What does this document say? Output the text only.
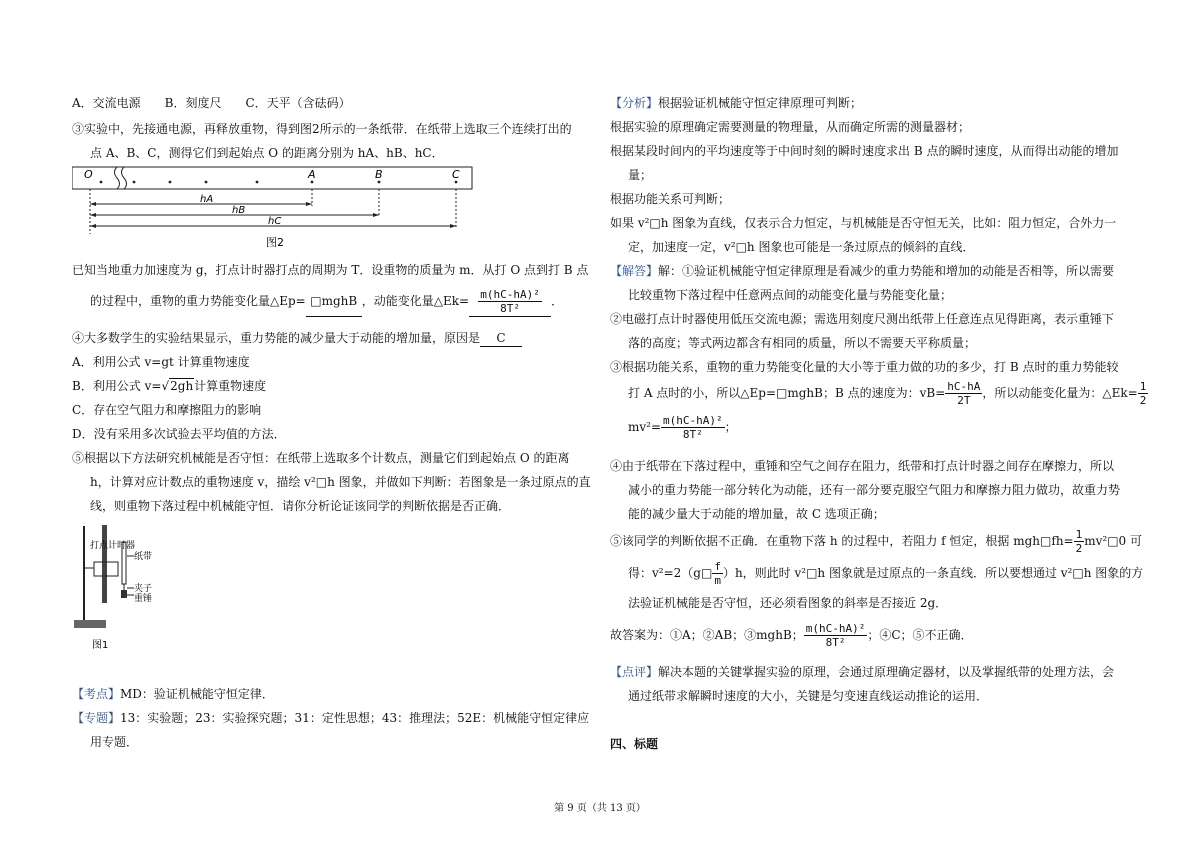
A．交流电源　　B．刻度尺　　C．天平（含砝码）
③实验中，先接通电源，再释放重物，得到图2所示的一条纸带．在纸带上选取三个连续打出的
点 A、B、C，测得它们到起始点 O 的距离分别为 hA、hB、hC．
O	A	B	C
hA
hB
hC
图2
已知当地重力加速度为 g，打点计时器打点的周期为 T．设重物的质量为 m．从打 O 点到打 B 点
的过程中，重物的重力势能变化量△Ep= □mghB ，动能变化量△Ek= $\frac{\text{m(hC-hA)²}}{\text{8T²}}$ ．
④大多数学生的实验结果显示，重力势能的减少量大于动能的增加量，原因是 C
A．利用公式 v=gt 计算重物速度
B．利用公式 v=√2gh计算重物速度
C．存在空气阻力和摩擦阻力的影响
D．没有采用多次试验去平均值的方法．
⑤根据以下方法研究机械能是否守恒：在纸带上选取多个计数点，测量它们到起始点 O 的距离
h，计算对应计数点的重物速度 v，描绘 v²□h 图象，并做如下判断：若图象是一条过原点的直
线，则重物下落过程中机械能守恒．请你分析论证该同学的判断依据是否正确．
打点计时器
纸带
夹子
重锤
图1
【考点】MD：验证机械能守恒定律．
【专题】13：实验题；23：实验探究题；31：定性思想；43：推理法；52E：机械能守恒定律应
用专题．
【分析】根据验证机械能守恒定律原理可判断；
根据实验的原理确定需要测量的物理量，从而确定所需的测量器材；
根据某段时间内的平均速度等于中间时刻的瞬时速度求出 B 点的瞬时速度，从而得出动能的增加
量；
根据功能关系可判断；
如果 v²□h 图象为直线，仅表示合力恒定，与机械能是否守恒无关，比如：阻力恒定，合外力一
定，加速度一定，v²□h 图象也可能是一条过原点的倾斜的直线．
【解答】解：①验证机械能守恒定律原理是看减少的重力势能和增加的动能是否相等，所以需要
比较重物下落过程中任意两点间的动能变化量与势能变化量；
②电磁打点计时器使用低压交流电源；需选用刻度尺测出纸带上任意连点见得距离，表示重锤下
落的高度；等式两边都含有相同的质量，所以不需要天平称质量；
③根据功能关系，重物的重力势能变化量的大小等于重力做的功的多少，打 B 点时的重力势能较
打 A 点时的小，所以△Ep=□mghB；B 点的速度为：$vB= \frac{hC-hA}{2T}$ ，所以动能变化量为：△Ek= $\frac{1}{2}$
$mv^2= \frac{\text{m(hC-hA)²}}{\text{8T²}}$ ；
④由于纸带在下落过程中，重锤和空气之间存在阻力，纸带和打点计时器之间存在摩擦力，所以
减小的重力势能一部分转化为动能，还有一部分要克服空气阻力和摩擦力阻力做功，故重力势
能的减少量大于动能的增加量，故 C 选项正确；
⑤该同学的判断依据不正确．在重物下落 h 的过程中，若阻力 f 恒定，根据 mgh□fh= $\frac{1}{2}$ mv²□0 可
得：v²=2（g□ $\frac{f}{m} )h$，则此时 v²□h 图象就是过原点的一条直线．所以要想通过 v²□h 图象的方
法验证机械能是否守恒，还必须看图象的斜率是否接近 2g．
故答案为：①A；②AB；③mghB； $\frac{\text{m(hC-hA)²}}{\text{8T²}}$ ；④C；⑤不正确．
【点评】解决本题的关键掌握实验的原理，会通过原理确定器材，以及掌握纸带的处理方法，会
通过纸带求解瞬时速度的大小，关键是匀变速直线运动推论的运用．
四、标题
第 9 页（共 13 页）
